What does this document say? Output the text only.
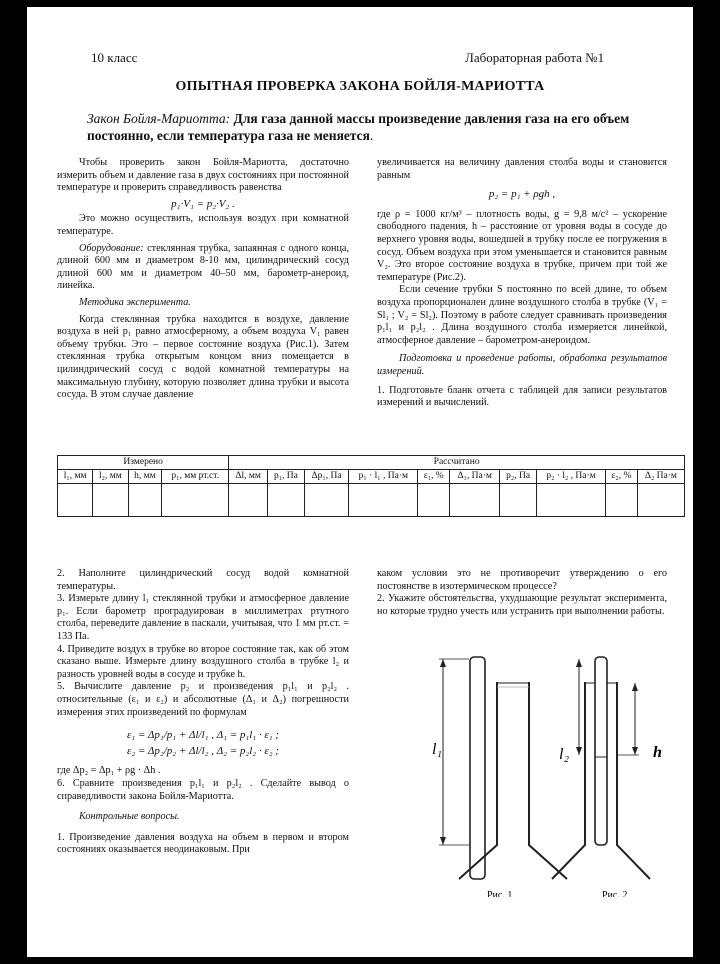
10 класс	Лабораторная работа №1
ОПЫТНАЯ ПРОВЕРКА ЗАКОНА БОЙЛЯ-МАРИОТТА
Закон Бойля-Мариотта: Для газа данной массы произведение давления газа на его объем постоянно, если температура газа не меняется.

Чтобы проверить закон Бойля-Мариотта, достаточно измерить объем и давление газа в двух состояниях при постоянной температуре и проверить справедливость равенства

p₁·V₁ = p₂·V₂ .

Это можно осуществить, используя воздух при комнатной температуре.

Оборудование: стеклянная трубка, запаянная с одного конца, длиной 600 мм и диаметром 8-10 мм, цилиндрический сосуд длиной 600 мм и диаметром 40–50 мм, барометр-анероид, линейка.

Методика эксперимента.

Когда стеклянная трубка находится в воздухе, давление воздуха в ней p₁ равно атмосферному, а объем воздуха V₁ равен объему трубки. Это – первое состояние воздуха (Рис.1). Затем стеклянная трубка открытым концом вниз помещается в цилиндрический сосуд с водой комнатной температуры на максимальную глубину, которую позволяет длина трубки и высота сосуда. В этом случае давление

увеличивается на величину давления столба воды и становится равным

p₂ = p₁ + ρgh ,

где ρ = 1000 кг/м³ – плотность воды, g = 9,8 м/с² – ускорение свободного падения, h – расстояние от уровня воды в сосуде до верхнего уровня воды, вошедшей в трубку после ее погружения в сосуд. Объем воздуха при этом уменьшается и становится равным V₂. Это второе состояние воздуха в трубке, причем при той же температуре (Рис.2).

Если сечение трубки S постоянно по всей длине, то объем воздуха пропорционален длине воздушного столба в трубке (V₁ = Sl₁ ; V₂ = Sl₂). Поэтому в работе следует сравнивать произведения p₁l₁ и p₂l₂ . Длина воздушного столба измеряется линейкой, атмосферное давление – барометром-анероидом.

Подготовка и проведение работы, обработка результатов измерений.

1. Подготовьте бланк отчета с таблицей для записи результатов измерений и вычислений.

Измерено				Рассчитано									
l₁, мм	l₂, мм	h, мм	p₁, мм рт.ст.	Δl, мм	p₁, Па	Δp₁, Па	p₁ · l₁ , Па·м	ε₁, %	Δ₁, Па·м	p₂, Па	p₂ · l₂ , Па·м	ε₂, %	Δ₂ Па·м

2. Наполните цилиндрический сосуд водой комнатной температуры.

3. Измерьте длину l₁ стеклянной трубки и атмосферное давление p₁. Если барометр проградуирован в миллиметрах ртутного столба, переведите давление в паскали, учитывая, что 1 мм рт.ст. = 133 Па.

4. Приведите воздух в трубке во второе состояние так, как об этом сказано выше. Измерьте длину воздушного столба в трубке l₂ и разность уровней воды в сосуде и трубке h.

5. Вычислите давление p₂ и произведения p₁l₁ и p₂l₂ . относительные (ε₁ и ε₂) и абсолютные (Δ₁ и Δ₂) погрешности измерения этих произведений по формулам

ε₁ = Δp₁/p₁ + Δl/l₁ , Δ₁ = p₁l₁ · ε₁ ;
ε₂ = Δp₂/p₂ + Δl/l₂ , Δ₂ = p₂l₂ · ε₂ ;

где Δp₂ = Δp₁ + ρg · Δh .

6. Сравните произведения p₁l₁ и p₂l₂ . Сделайте вывод о справедливости закона Бойля-Мариотта.

Контрольные вопросы.

1. Произведение давления воздуха на объем в первом и втором состояниях оказывается неодинаковым. При

каком условии это не противоречит утверждению о его постоянстве в изотермическом процессе?

2. Укажите обстоятельства, ухудшающие результат эксперимента, но которые трудно учесть или устранить при выполнении работы.

l₁	l₂	h
Рис. 1	Рис. 2
